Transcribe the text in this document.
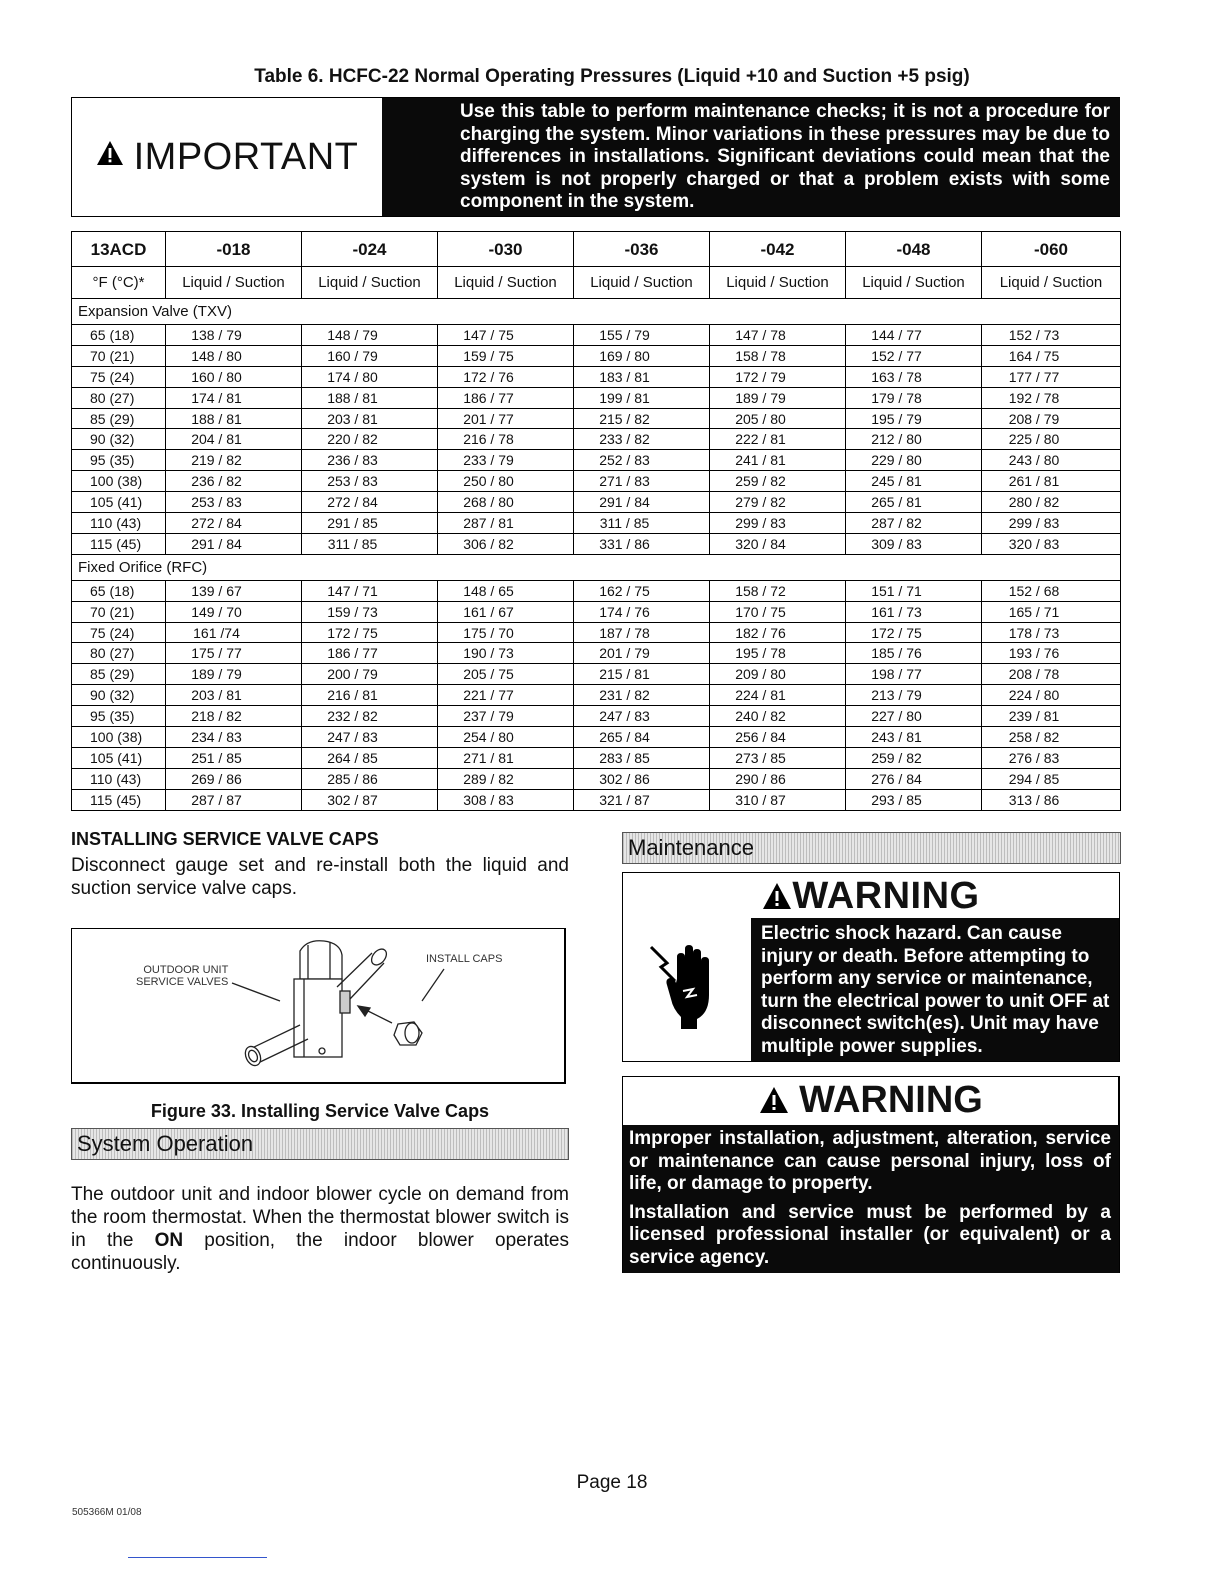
Table 6. HCFC-22 Normal Operating Pressures (Liquid +10 and Suction +5 psig)
IMPORTANT
Use this table to perform maintenance checks; it is not a procedure for charging the system. Minor variations in these pressures may be due to differences in installations. Significant deviations could mean that the system is not properly charged or that a problem exists with some component in the system.
13ACD	-018	-024	-030	-036	-042	-048	-060
°F (°C)*	Liquid / Suction	Liquid / Suction	Liquid / Suction	Liquid / Suction	Liquid / Suction	Liquid / Suction	Liquid / Suction
Expansion Valve (TXV)							
65 (18)	138 / 79	148 / 79	147 / 75	155 / 79	147 / 78	144 / 77	152 / 73
70 (21)	148 / 80	160 / 79	159 / 75	169 / 80	158 / 78	152 / 77	164 / 75
75 (24)	160 / 80	174 / 80	172 / 76	183 / 81	172 / 79	163 / 78	177 / 77
80 (27)	174 / 81	188 / 81	186 / 77	199 / 81	189 / 79	179 / 78	192 / 78
85 (29)	188 / 81	203 / 81	201 / 77	215 / 82	205 / 80	195 / 79	208 / 79
90 (32)	204 / 81	220 / 82	216 / 78	233 / 82	222 / 81	212 / 80	225 / 80
95 (35)	219 / 82	236 / 83	233 / 79	252 / 83	241 / 81	229 / 80	243 / 80
100 (38)	236 / 82	253 / 83	250 / 80	271 / 83	259 / 82	245 / 81	261 / 81
105 (41)	253 / 83	272 / 84	268 / 80	291 / 84	279 / 82	265 / 81	280 / 82
110 (43)	272 / 84	291 / 85	287 / 81	311 / 85	299 / 83	287 / 82	299 / 83
115 (45)	291 / 84	311 / 85	306 / 82	331 / 86	320 / 84	309 / 83	320 / 83
Fixed Orifice (RFC)							
65 (18)	139 / 67	147 / 71	148 / 65	162 / 75	158 / 72	151 / 71	152 / 68
70 (21)	149 / 70	159 / 73	161 / 67	174 / 76	170 / 75	161 / 73	165 / 71
75 (24)	161 /74	172 / 75	175 / 70	187 / 78	182 / 76	172 / 75	178 / 73
80 (27)	175 / 77	186 / 77	190 / 73	201 / 79	195 / 78	185 / 76	193 / 76
85 (29)	189 / 79	200 / 79	205 / 75	215 / 81	209 / 80	198 / 77	208 / 78
90 (32)	203 / 81	216 / 81	221 / 77	231 / 82	224 / 81	213 / 79	224 / 80
95 (35)	218 / 82	232 / 82	237 / 79	247 / 83	240 / 82	227 / 80	239 / 81
100 (38)	234 / 83	247 / 83	254 / 80	265 / 84	256 / 84	243 / 81	258 / 82
105 (41)	251 / 85	264 / 85	271 / 81	283 / 85	273 / 85	259 / 82	276 / 83
110 (43)	269 / 86	285 / 86	289 / 82	302 / 86	290 / 86	276 / 84	294 / 85
115 (45)	287 / 87	302 / 87	308 / 83	321 / 87	310 / 87	293 / 85	313 / 86
INSTALLING SERVICE VALVE CAPS
Disconnect gauge set and re-install both the liquid and suction service valve caps.
OUTDOOR UNIT
SERVICE VALVES
INSTALL CAPS
Figure 33. Installing Service Valve Caps
System Operation
The outdoor unit and indoor blower cycle on demand from the room thermostat. When the thermostat blower switch is in the ON position, the indoor blower operates continuously.
Maintenance
WARNING
Electric shock hazard. Can cause injury or death. Before attempting to perform any service or maintenance, turn the electrical power to unit OFF at disconnect switch(es). Unit may have multiple power supplies.
WARNING

Improper installation, adjustment, alteration, service or maintenance can cause personal injury, loss of life, or damage to property.

Installation and service must be performed by a licensed professional installer (or equivalent) or a service agency.

Page 18
505366M 01/08
